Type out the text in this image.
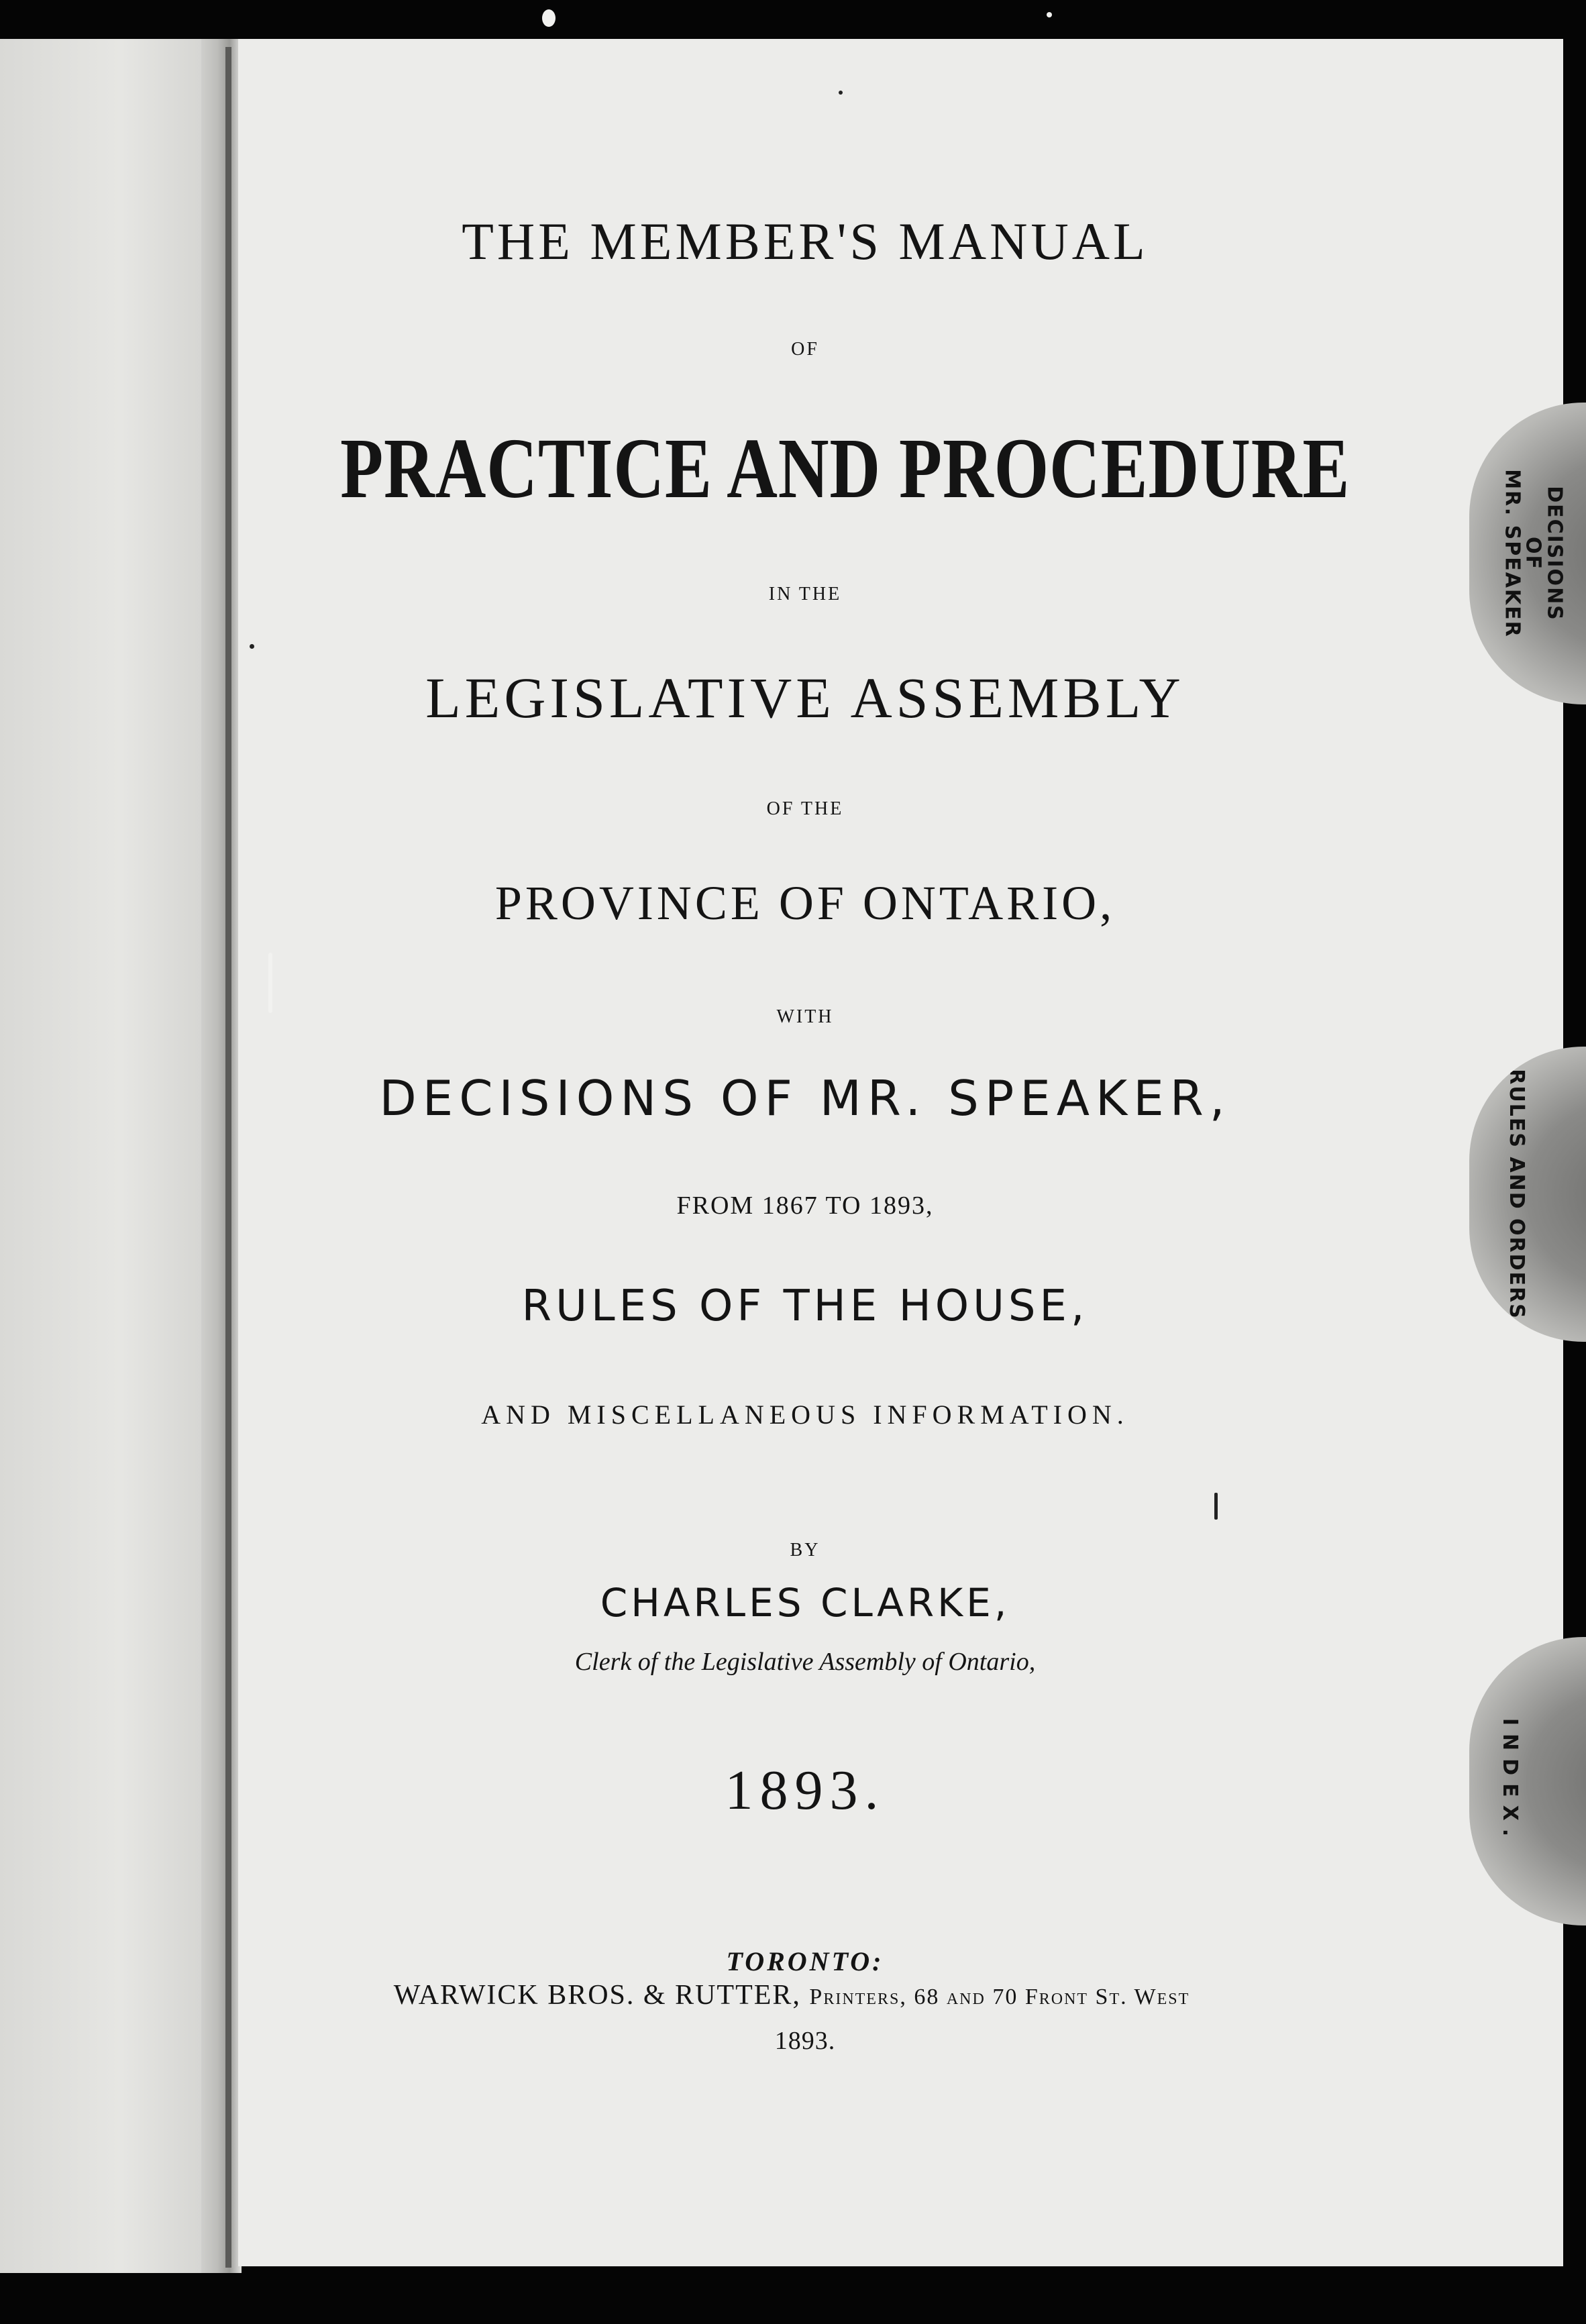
DECISIONS
OF
MR. SPEAKER
RULES AND ORDERS
INDEX.
THE MEMBER'S MANUAL
OF
PRACTICE AND PROCEDURE
IN THE
LEGISLATIVE ASSEMBLY
OF THE
PROVINCE OF ONTARIO,
WITH
DECISIONS OF MR. SPEAKER,
FROM 1867 TO 1893,
RULES OF THE HOUSE,
AND MISCELLANEOUS INFORMATION.
BY
CHARLES CLARKE,
Clerk of the Legislative Assembly of Ontario,
1893.
TORONTO:
WARWICK BROS. & RUTTER, Printers, 68 and 70 Front St. West
1893.
